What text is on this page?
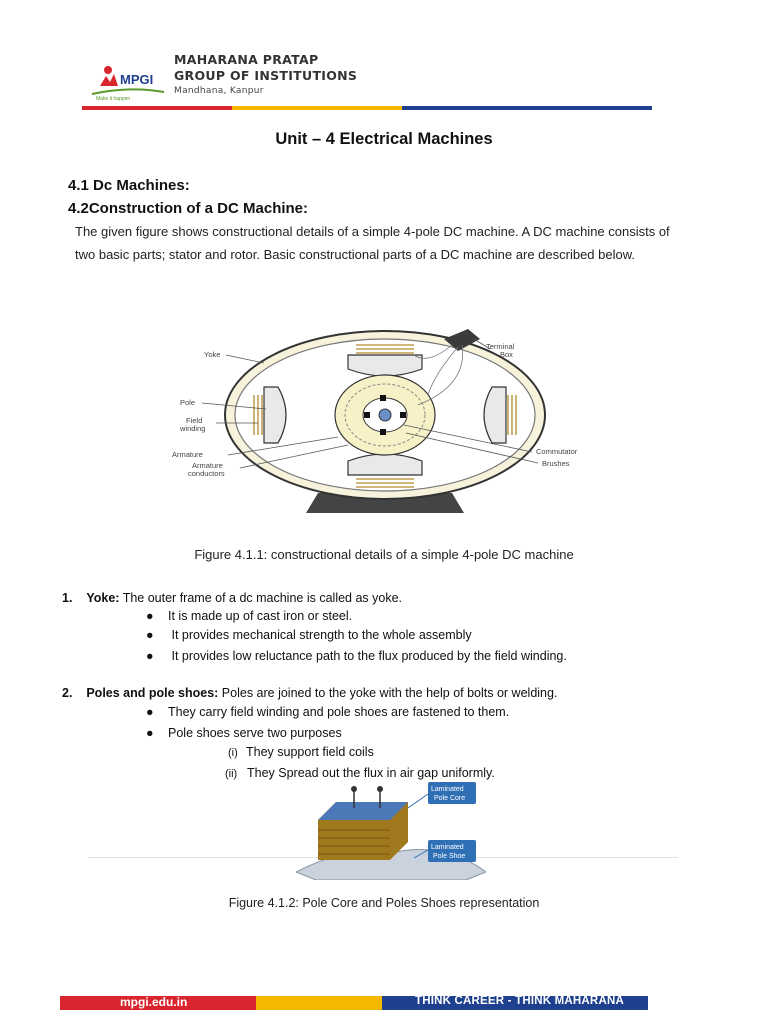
MPGI
Make it happen
MAHARANA PRATAP
GROUP OF INSTITUTIONS
Mandhana, Kanpur
Unit – 4 Electrical Machines
4.1 Dc Machines:
4.2Construction of a DC Machine:
The given figure shows constructional details of a simple 4-pole DC machine. A DC machine consists of two basic parts; stator and rotor. Basic constructional parts of a DC machine are described below.
Yoke
Pole
Field
winding
Armature
Armature
conductors
Terminal
Box
Commutator
Brushes
Figure 4.1.1: constructional details of a simple 4-pole DC machine
1. Yoke: The outer frame of a dc machine is called as yoke.
● It is made up of cast iron or steel.
● It provides mechanical strength to the whole assembly
● It provides low reluctance path to the flux produced by the field winding.
2. Poles and pole shoes: Poles are joined to the yoke with the help of bolts or welding.
● They carry field winding and pole shoes are fastened to them.
● Pole shoes serve two purposes
(i) They support field coils
(ii) They Spread out the flux in air gap uniformly.
Laminated
Pole Core
Laminated
Pole Shoe
Figure 4.1.2: Pole Core and Poles Shoes representation
mpgi.edu.in	THINK CAREER - THINK MAHARANA
